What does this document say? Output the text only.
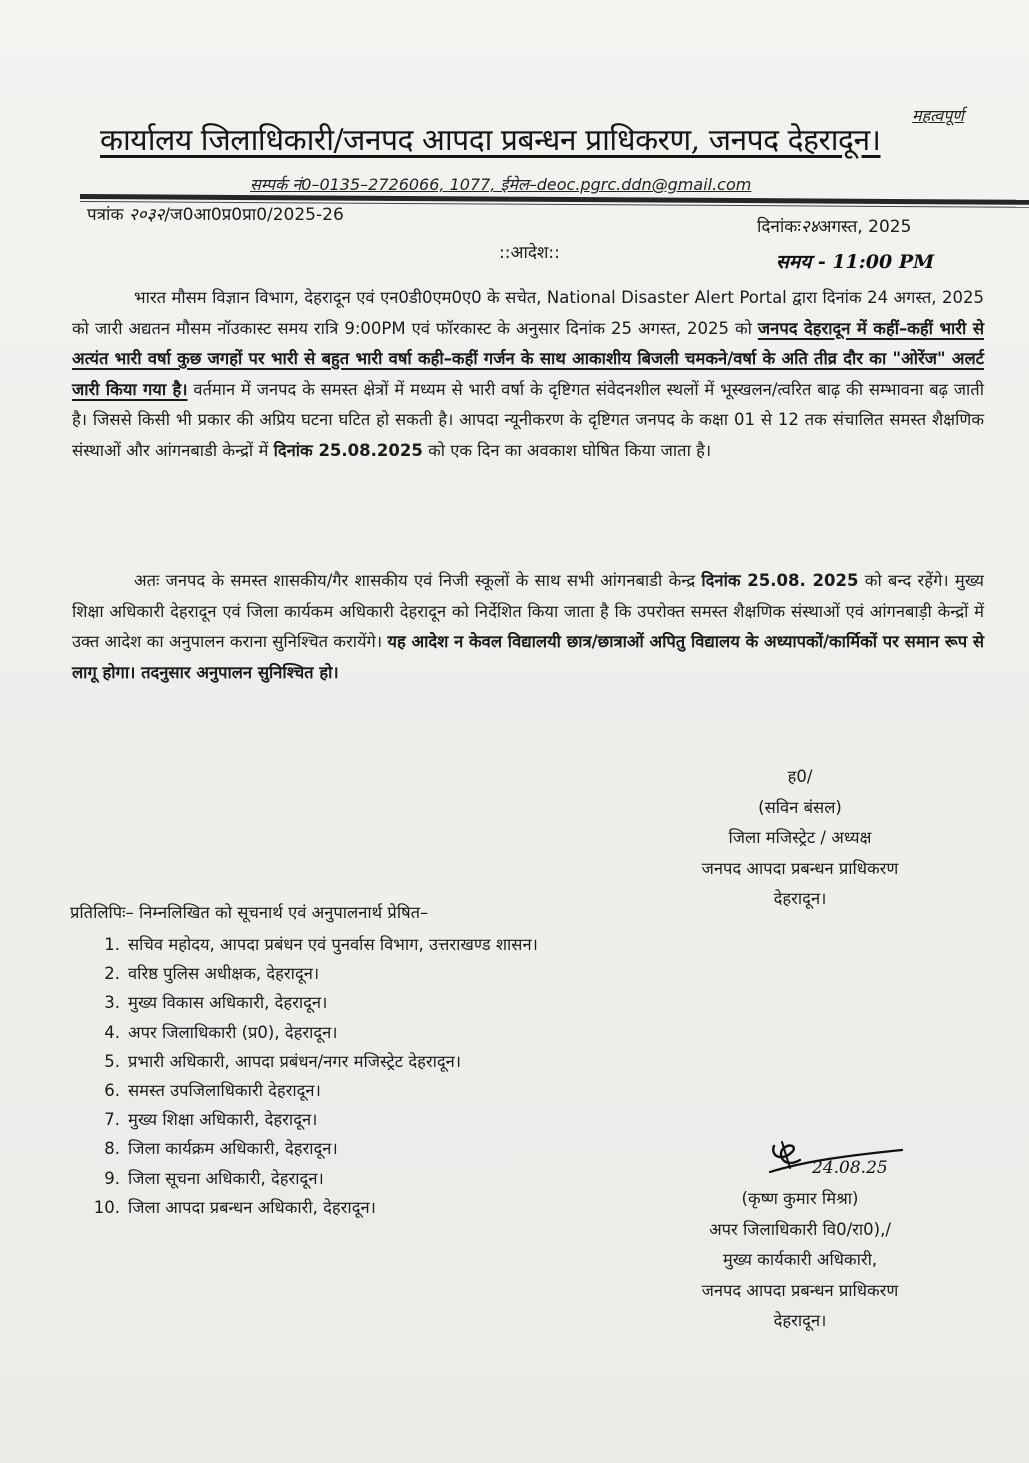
महत्वपूर्ण
कार्यालय जिलाधिकारी/जनपद आपदा प्रबन्धन प्राधिकरण, जनपद देहरादून।
सम्पर्क नं0–0135–2726066, 1077, ईमेल–deoc.pgrc.ddn@gmail.com
पत्रांक २०३२/ज0आ0प्र0प्रा0/2025-26
दिनांकः२४अगस्त, 2025
समय - 11:00 PM
::आदेश::
भारत मौसम विज्ञान विभाग, देहरादून एवं एन0डी0एम0ए0 के सचेत, National Disaster Alert Portal द्वारा दिनांक 24 अगस्त, 2025 को जारी अद्यतन मौसम नॉउकास्ट समय रात्रि 9:00PM एवं फॉरकास्ट के अनुसार दिनांक 25 अगस्त, 2025 को जनपद देहरादून में कहीं–कहीं भारी से अत्यंत भारी वर्षा कुछ जगहों पर भारी से बहुत भारी वर्षा कही–कहीं गर्जन के साथ आकाशीय बिजली चमकने/वर्षा के अति तीव्र दौर का "ओरेंज" अलर्ट जारी किया गया है। वर्तमान में जनपद के समस्त क्षेत्रों में मध्यम से भारी वर्षा के दृष्टिगत संवेदनशील स्थलों में भूस्खलन/त्वरित बाढ़ की सम्भावना बढ़ जाती है। जिससे किसी भी प्रकार की अप्रिय घटना घटित हो सकती है। आपदा न्यूनीकरण के दृष्टिगत जनपद के कक्षा 01 से 12 तक संचालित समस्त शैक्षणिक संस्थाओं और आंगनबाडी केन्द्रों में दिनांक 25.08.2025 को एक दिन का अवकाश घोषित किया जाता है।
अतः जनपद के समस्त शासकीय/गैर शासकीय एवं निजी स्कूलों के साथ सभी आंगनबाडी केन्द्र दिनांक 25.08. 2025 को बन्द रहेंगे। मुख्य शिक्षा अधिकारी देहरादून एवं जिला कार्यकम अधिकारी देहरादून को निर्देशित किया जाता है कि उपरोक्त समस्त शैक्षणिक संस्थाओं एवं आंगनबाड़ी केन्द्रों में उक्त आदेश का अनुपालन कराना सुनिश्चित करायेंगे। यह आदेश न केवल विद्यालयी छात्र/छात्राओं अपितु विद्यालय के अध्यापकों/कार्मिकों पर समान रूप से लागू होगा। तदनुसार अनुपालन सुनिश्चित हो।
ह0/
(सविन बंसल)
जिला मजिस्ट्रेट / अध्यक्ष
जनपद आपदा प्रबन्धन प्राधिकरण
देहरादून।
प्रतिलिपिः– निम्नलिखित को सूचनार्थ एवं अनुपालनार्थ प्रेषित–
1. सचिव महोदय, आपदा प्रबंधन एवं पुनर्वास विभाग, उत्तराखण्ड शासन।
2. वरिष्ठ पुलिस अधीक्षक, देहरादून।
3. मुख्य विकास अधिकारी, देहरादून।
4. अपर जिलाधिकारी (प्र0), देहरादून।
5. प्रभारी अधिकारी, आपदा प्रबंधन/नगर मजिस्ट्रेट देहरादून।
6. समस्त उपजिलाधिकारी देहरादून।
7. मुख्य शिक्षा अधिकारी, देहरादून।
8. जिला कार्यक्रम अधिकारी, देहरादून।
9. जिला सूचना अधिकारी, देहरादून।
10. जिला आपदा प्रबन्धन अधिकारी, देहरादून।
24.08.25
(कृष्ण कुमार मिश्रा)
अपर जिलाधिकारी वि0/रा0),/
मुख्य कार्यकारी अधिकारी,
जनपद आपदा प्रबन्धन प्राधिकरण
देहरादून।
